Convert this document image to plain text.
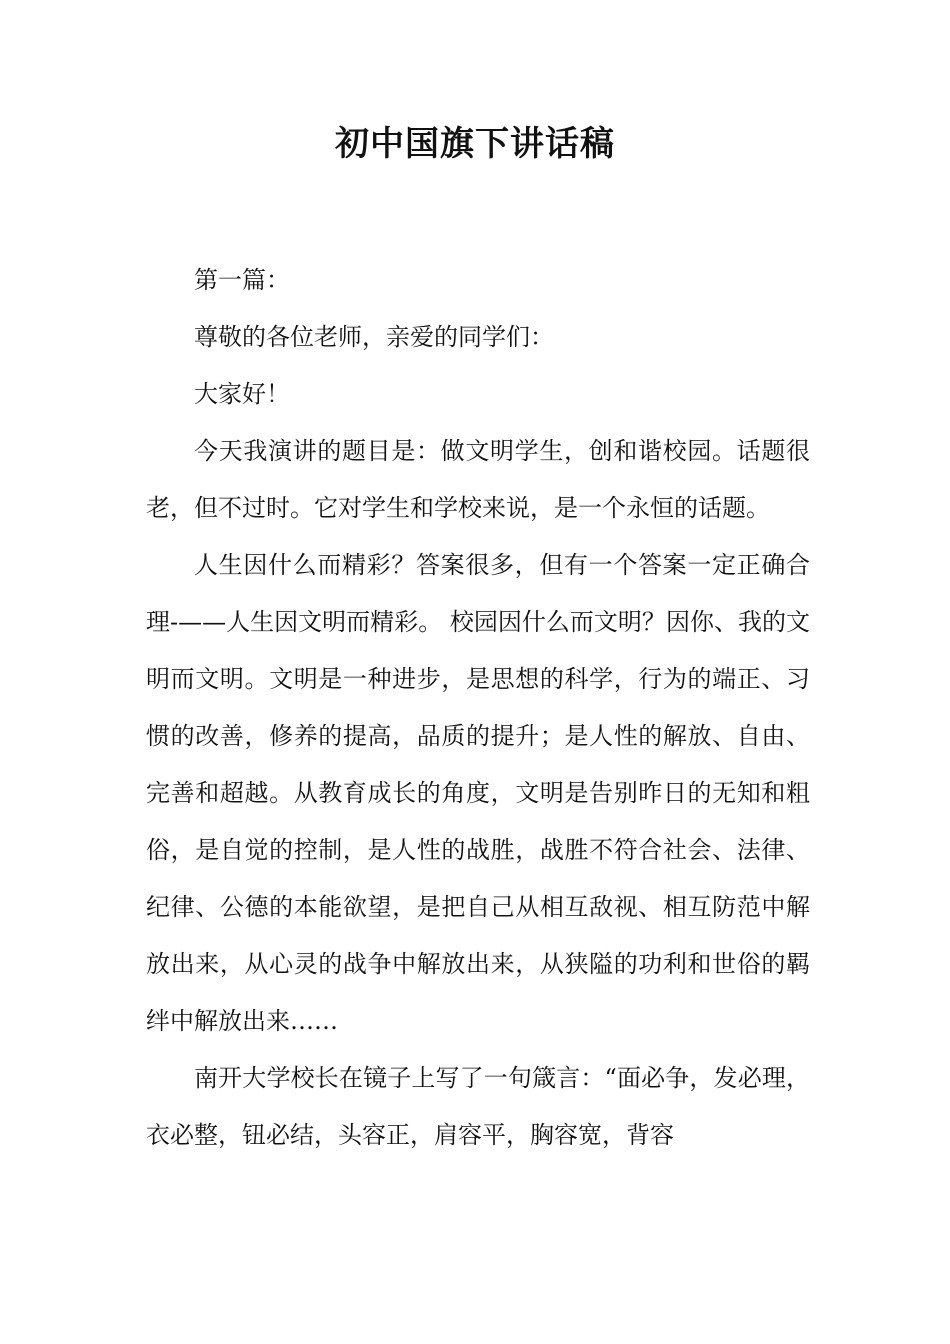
初中国旗下讲话稿

第一篇：

尊敬的各位老师，亲爱的同学们：

大家好！

今天我演讲的题目是：做文明学生，创和谐校园。话题很老，但不过时。它对学生和学校来说，是一个永恒的话题。

人生因什么而精彩？答案很多，但有一个答案一定正确合理-——人生因文明而精彩。 校园因什么而文明？因你、我的文明而文明。文明是一种进步，是思想的科学，行为的端正、习惯的改善，修养的提高，品质的提升；是人性的解放、自由、完善和超越。从教育成长的角度，文明是告别昨日的无知和粗俗，是自觉的控制，是人性的战胜，战胜不符合社会、法律、纪律、公德的本能欲望，是把自己从相互敌视、相互防范中解放出来，从心灵的战争中解放出来，从狭隘的功利和世俗的羁绊中解放出来……

南开大学校长在镜子上写了一句箴言：“面必争，发必理，衣必整，钮必结，头容正，肩容平，胸容宽，背容
